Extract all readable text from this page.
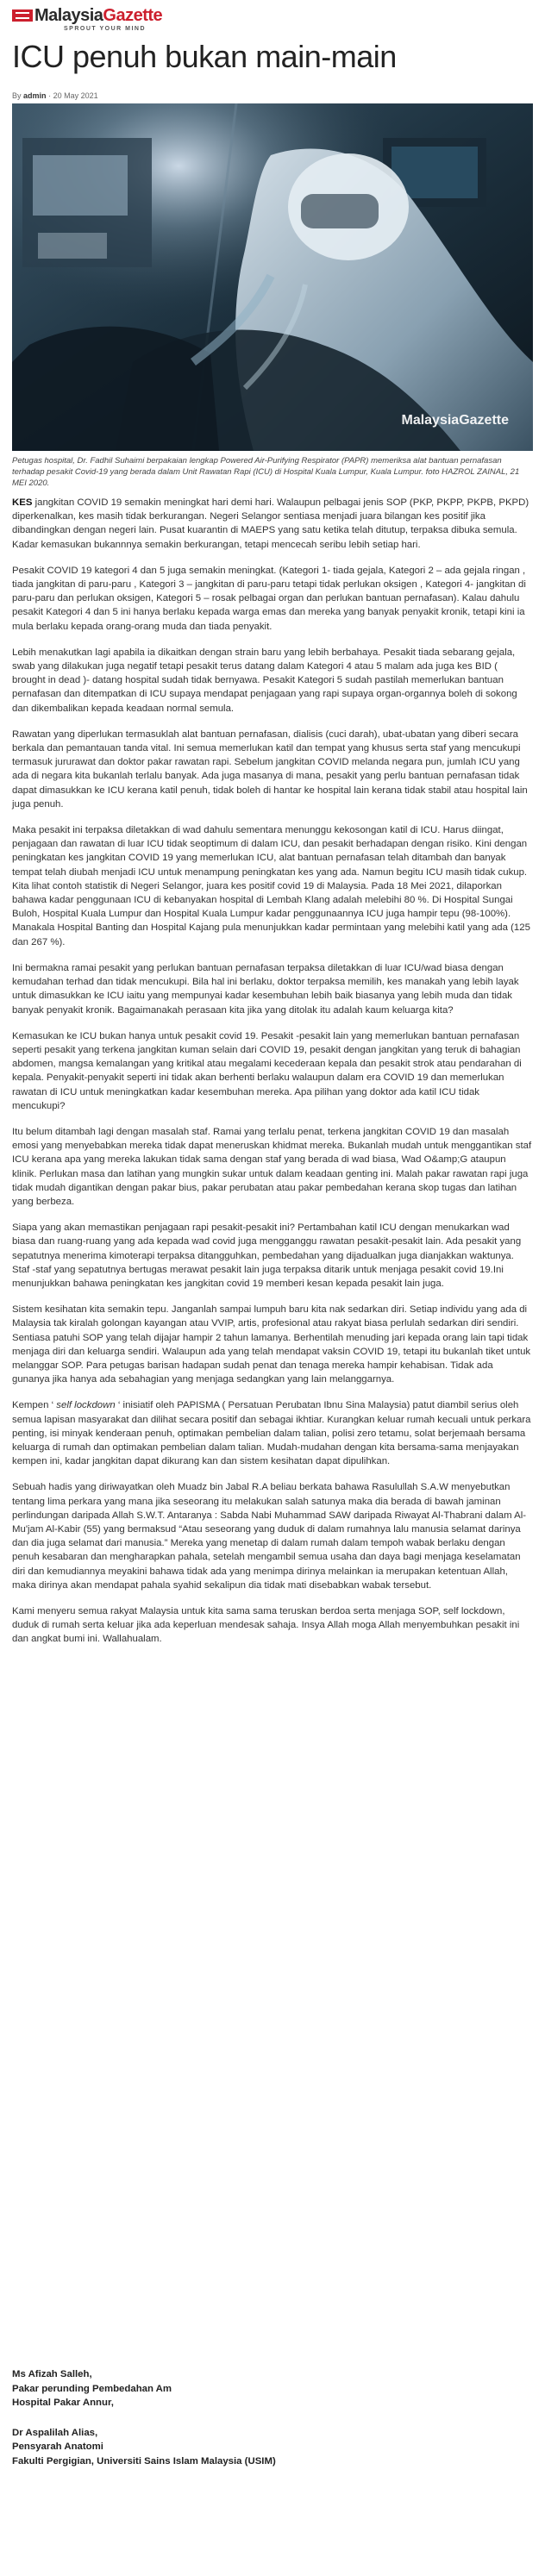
MalaysiaGazette
SPROUT YOUR MIND
ICU penuh bukan main-main
By admin · 20 May 2021
MalaysiaGazette
Petugas hospital, Dr. Fadhil Suhaimi berpakaian lengkap Powered Air-Purifying Respirator (PAPR) memeriksa alat bantuan pernafasan terhadap pesakit Covid-19 yang berada dalam Unit Rawatan Rapi (ICU) di Hospital Kuala Lumpur, Kuala Lumpur. foto HAZROL ZAINAL, 21 MEI 2020.

KES jangkitan COVID 19 semakin meningkat hari demi hari. Walaupun pelbagai jenis SOP (PKP, PKPP, PKPB, PKPD) diperkenalkan, kes masih tidak berkurangan. Negeri Selangor sentiasa menjadi juara bilangan kes positif jika dibandingkan dengan negeri lain. Pusat kuarantin di MAEPS yang satu ketika telah ditutup, terpaksa dibuka semula. Kadar kemasukan bukannnya semakin berkurangan, tetapi mencecah seribu lebih setiap hari.

Pesakit COVID 19 kategori 4 dan 5 juga semakin meningkat. (Kategori 1- tiada gejala, Kategori 2 – ada gejala ringan , tiada jangkitan di paru-paru , Kategori 3 – jangkitan di paru-paru tetapi tidak perlukan oksigen , Kategori 4- jangkitan di paru-paru dan perlukan oksigen, Kategori 5 – rosak pelbagai organ dan perlukan bantuan pernafasan). Kalau dahulu pesakit Kategori 4 dan 5 ini hanya berlaku kepada warga emas dan mereka yang banyak penyakit kronik, tetapi kini ia mula berlaku kepada orang-orang muda dan tiada penyakit.

Lebih menakutkan lagi apabila ia dikaitkan dengan strain baru yang lebih berbahaya. Pesakit tiada sebarang gejala, swab yang dilakukan juga negatif tetapi pesakit terus datang dalam Kategori 4 atau 5 malam ada juga kes BID ( brought in dead )- datang hospital sudah tidak bernyawa. Pesakit Kategori 5 sudah pastilah memerlukan bantuan pernafasan dan ditempatkan di ICU supaya mendapat penjagaan yang rapi supaya organ-organnya boleh di sokong dan dikembalikan kepada keadaan normal semula.

Rawatan yang diperlukan termasuklah alat bantuan pernafasan, dialisis (cuci darah), ubat-ubatan yang diberi secara berkala dan pemantauan tanda vital. Ini semua memerlukan katil dan tempat yang khusus serta staf yang mencukupi termasuk jururawat dan doktor pakar rawatan rapi. Sebelum jangkitan COVID melanda negara pun, jumlah ICU yang ada di negara kita bukanlah terlalu banyak. Ada juga masanya di mana, pesakit yang perlu bantuan pernafasan tidak dapat dimasukkan ke ICU kerana katil penuh, tidak boleh di hantar ke hospital lain kerana tidak stabil atau hospital lain juga penuh.

Maka pesakit ini terpaksa diletakkan di wad dahulu sementara menunggu kekosongan katil di ICU. Harus diingat, penjagaan dan rawatan di luar ICU tidak seoptimum di dalam ICU, dan pesakit berhadapan dengan risiko. Kini dengan peningkatan kes jangkitan COVID 19 yang memerlukan ICU, alat bantuan pernafasan telah ditambah dan banyak tempat telah diubah menjadi ICU untuk menampung peningkatan kes yang ada. Namun begitu ICU masih tidak cukup. Kita lihat contoh statistik di Negeri Selangor, juara kes positif covid 19 di Malaysia. Pada 18 Mei 2021, dilaporkan bahawa kadar penggunaan ICU di kebanyakan hospital di Lembah Klang adalah melebihi 80 %. Di Hospital Sungai Buloh, Hospital Kuala Lumpur dan Hospital Kuala Lumpur kadar penggunaannya ICU juga hampir tepu (98-100%). Manakala Hospital Banting dan Hospital Kajang pula menunjukkan kadar permintaan yang melebihi katil yang ada (125 dan 267 %).

Ini bermakna ramai pesakit yang perlukan bantuan pernafasan terpaksa diletakkan di luar ICU/wad biasa dengan kemudahan terhad dan tidak mencukupi. Bila hal ini berlaku, doktor terpaksa memilih, kes manakah yang lebih layak untuk dimasukkan ke ICU iaitu yang mempunyai kadar kesembuhan lebih baik biasanya yang lebih muda dan tidak banyak penyakit kronik. Bagaimanakah perasaan kita jika yang ditolak itu adalah kaum keluarga kita?

Kemasukan ke ICU bukan hanya untuk pesakit covid 19. Pesakit -pesakit lain yang memerlukan bantuan pernafasan seperti pesakit yang terkena jangkitan kuman selain dari COVID 19, pesakit dengan jangkitan yang teruk di bahagian abdomen, mangsa kemalangan yang kritikal atau megalami kecederaan kepala dan pesakit strok atau pendarahan di kepala. Penyakit-penyakit seperti ini tidak akan berhenti berlaku walaupun dalam era COVID 19 dan memerlukan rawatan di ICU untuk meningkatkan kadar kesembuhan mereka. Apa pilihan yang doktor ada katil ICU tidak mencukupi?

Itu belum ditambah lagi dengan masalah staf. Ramai yang terlalu penat, terkena jangkitan COVID 19 dan masalah emosi yang menyebabkan mereka tidak dapat meneruskan khidmat mereka. Bukanlah mudah untuk menggantikan staf ICU kerana apa yang mereka lakukan tidak sama dengan staf yang berada di wad biasa, Wad O&amp;G ataupun klinik. Perlukan masa dan latihan yang mungkin sukar untuk dalam keadaan genting ini. Malah pakar rawatan rapi juga tidak mudah digantikan dengan pakar bius, pakar perubatan atau pakar pembedahan kerana skop tugas dan latihan yang berbeza.

Siapa yang akan memastikan penjagaan rapi pesakit-pesakit ini? Pertambahan katil ICU dengan menukarkan wad biasa dan ruang-ruang yang ada kepada wad covid juga mengganggu rawatan pesakit-pesakit lain. Ada pesakit yang sepatutnya menerima kimoterapi terpaksa ditangguhkan, pembedahan yang dijadualkan juga dianjakkan waktunya. Staf -staf yang sepatutnya bertugas merawat pesakit lain juga terpaksa ditarik untuk menjaga pesakit covid 19.Ini menunjukkan bahawa peningkatan kes jangkitan covid 19 memberi kesan kepada pesakit lain juga.

Sistem kesihatan kita semakin tepu. Janganlah sampai lumpuh baru kita nak sedarkan diri. Setiap individu yang ada di Malaysia tak kiralah golongan kayangan atau VVIP, artis, profesional atau rakyat biasa perlulah sedarkan diri sendiri. Sentiasa patuhi SOP yang telah dijajar hampir 2 tahun lamanya. Berhentilah menuding jari kepada orang lain tapi tidak menjaga diri dan keluarga sendiri. Walaupun ada yang telah mendapat vaksin COVID 19, tetapi itu bukanlah tiket untuk melanggar SOP. Para petugas barisan hadapan sudah penat dan tenaga mereka hampir kehabisan. Tidak ada gunanya jika hanya ada sebahagian yang menjaga sedangkan yang lain melanggarnya.

Kempen ‘ self lockdown ‘ inisiatif oleh PAPISMA ( Persatuan Perubatan Ibnu Sina Malaysia) patut diambil serius oleh semua lapisan masyarakat dan dilihat secara positif dan sebagai ikhtiar. Kurangkan keluar rumah kecuali untuk perkara penting, isi minyak kenderaan penuh, optimakan pembelian dalam talian, polisi zero tetamu, solat berjemaah bersama keluarga di rumah dan optimakan pembelian dalam talian. Mudah-mudahan dengan kita bersama-sama menjayakan kempen ini, kadar jangkitan dapat dikurang kan dan sistem kesihatan dapat dipulihkan.

Sebuah hadis yang diriwayatkan oleh Muadz bin Jabal R.A beliau berkata bahawa Rasulullah S.A.W menyebutkan tentang lima perkara yang mana jika seseorang itu melakukan salah satunya maka dia berada di bawah jaminan perlindungan daripada Allah S.W.T. Antaranya : Sabda Nabi Muhammad SAW daripada Riwayat Al-Thabrani dalam Al-Mu'jam Al-Kabir (55) yang bermaksud “Atau seseorang yang duduk di dalam rumahnya lalu manusia selamat darinya dan dia juga selamat dari manusia.” Mereka yang menetap di dalam rumah dalam tempoh wabak berlaku dengan penuh kesabaran dan mengharapkan pahala, setelah mengambil semua usaha dan daya bagi menjaga keselamatan diri dan kemudiannya meyakini bahawa tidak ada yang menimpa dirinya melainkan ia merupakan ketentuan Allah, maka dirinya akan mendapat pahala syahid sekalipun dia tidak mati disebabkan wabak tersebut.

Kami menyeru semua rakyat Malaysia untuk kita sama sama teruskan berdoa serta menjaga SOP, self lockdown, duduk di rumah serta keluar jika ada keperluan mendesak sahaja. Insya Allah moga Allah menyembuhkan pesakit ini dan angkat bumi ini. Wallahualam.

Ms Afizah Salleh,
Pakar perunding Pembedahan Am
Hospital Pakar Annur,
Dr Aspalilah Alias,
Pensyarah Anatomi
Fakulti Pergigian, Universiti Sains Islam Malaysia (USIM)
